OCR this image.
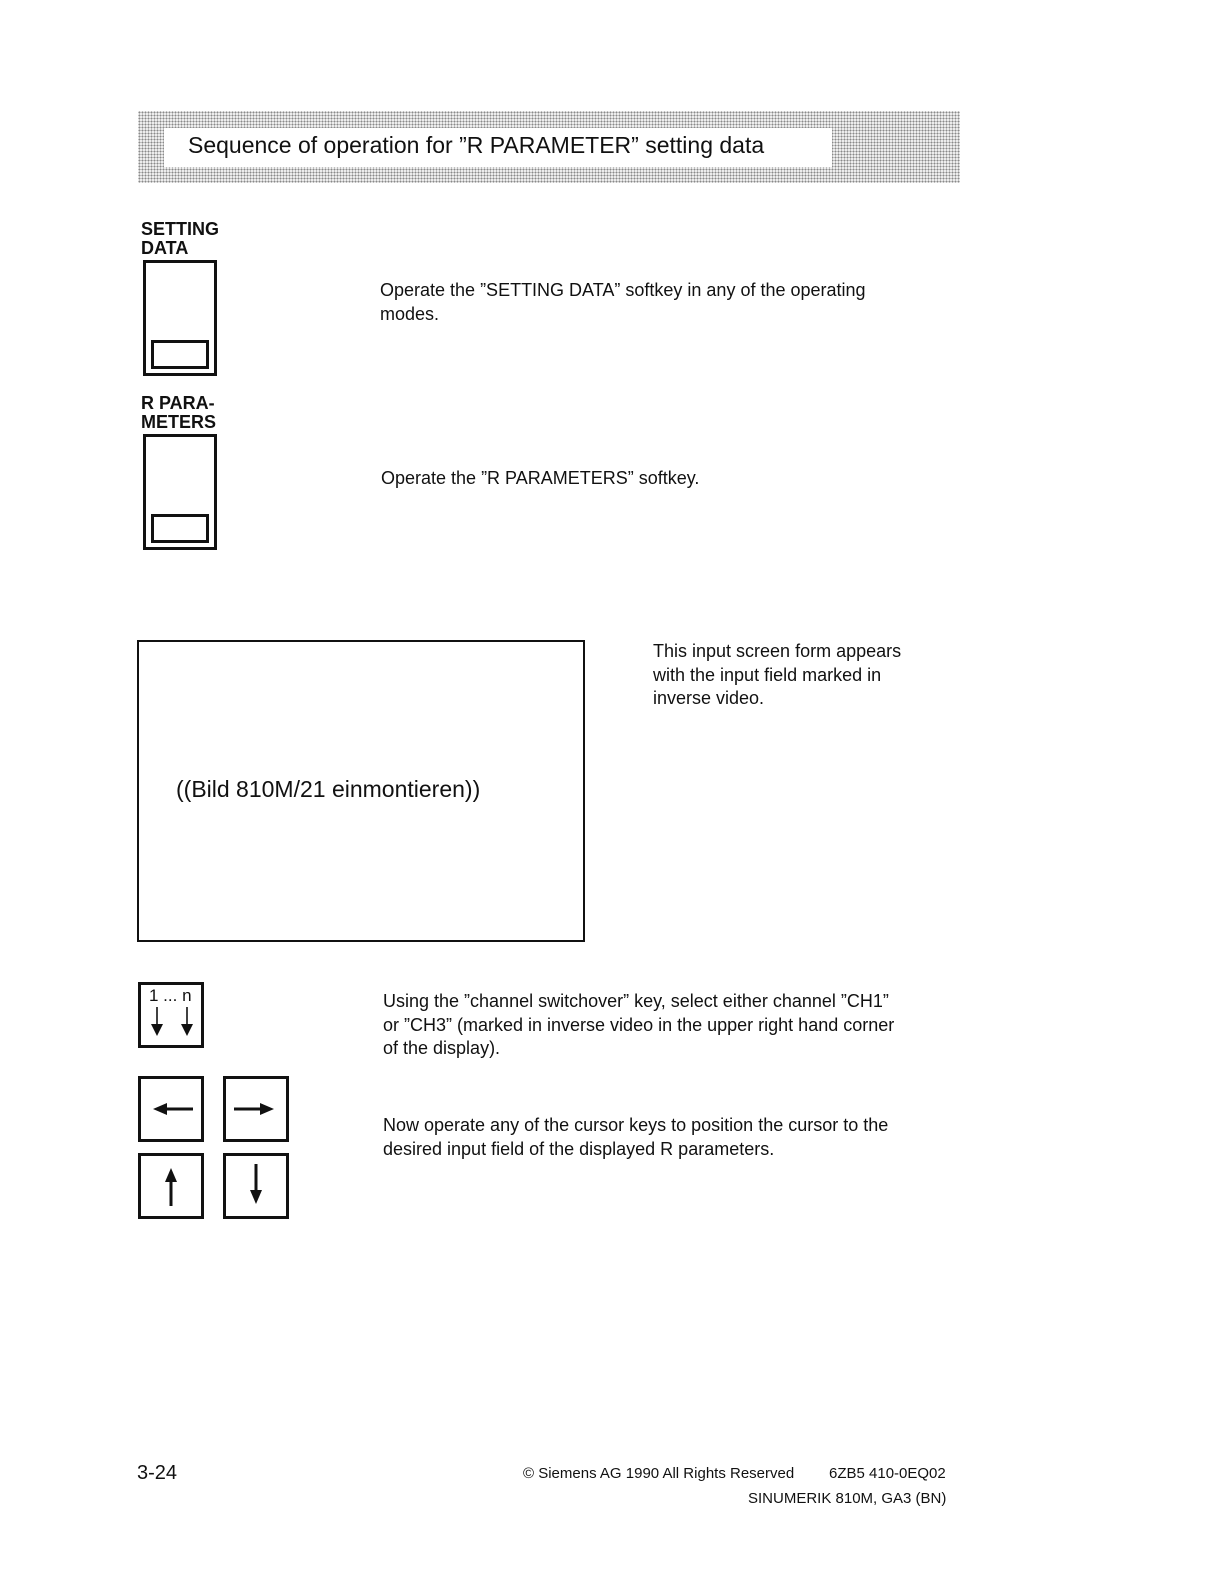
Sequence of operation for ”R PARAMETER” setting data
SETTING
DATA
Operate the ”SETTING DATA” softkey in any of the operating modes.
R PARA-
METERS
Operate the ”R PARAMETERS” softkey.
((Bild 810M/21 einmontieren))
This input screen form appears with the input field marked in inverse video.
1 ... n	Using the ”channel switchover” key, select either channel ”CH1” or ”CH3” (marked in inverse video in the upper right hand corner of the display).
Now operate any of the cursor keys to position the cursor to the desired input field of the displayed R parameters.
3-24	© Siemens AG 1990 All Rights Reserved 6ZB5 410-0EQ02
SINUMERIK 810M, GA3 (BN)
